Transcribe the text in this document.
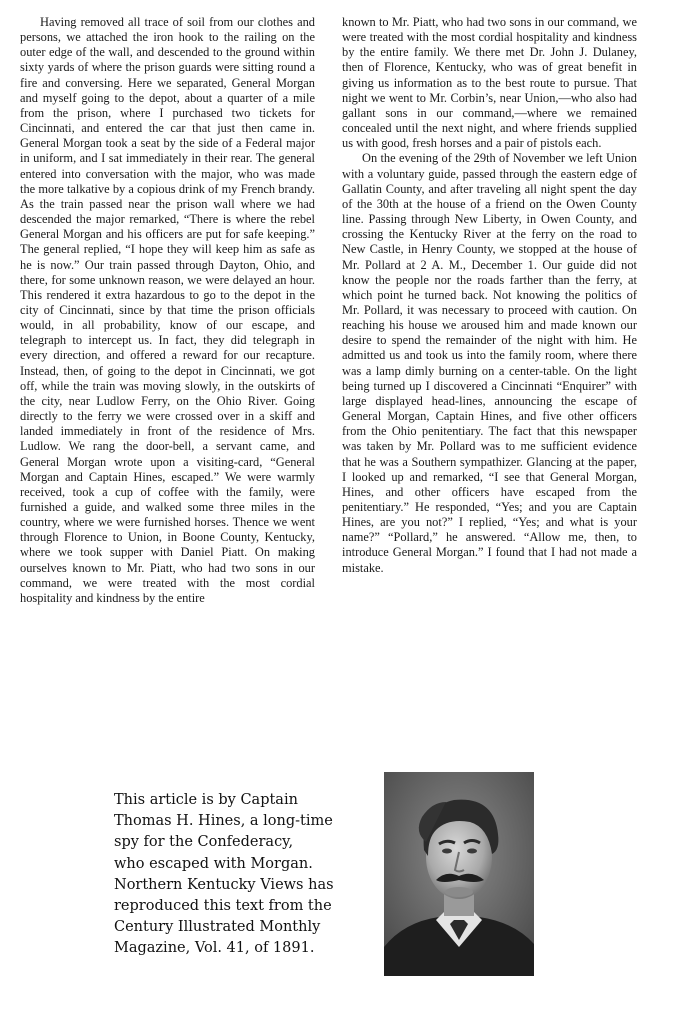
Having removed all trace of soil from our clothes and persons, we attached the iron hook to the railing on the outer edge of the wall, and descended to the ground within sixty yards of where the prison guards were sitting round a fire and conversing. Here we separated, General Morgan and myself going to the depot, about a quarter of a mile from the prison, where I purchased two tickets for Cincinnati, and entered the car that just then came in. General Morgan took a seat by the side of a Federal major in uniform, and I sat immediately in their rear. The general entered into conversation with the major, who was made the more talkative by a copious drink of my French brandy. As the train passed near the prison wall where we had descended the major remarked, “There is where the rebel General Morgan and his officers are put for safe keeping.” The general replied, “I hope they will keep him as safe as he is now.” Our train passed through Dayton, Ohio, and there, for some unknown reason, we were delayed an hour. This rendered it extra hazardous to go to the depot in the city of Cincinnati, since by that time the prison officials would, in all probability, know of our escape, and telegraph to intercept us. In fact, they did telegraph in every direction, and offered a reward for our recapture. Instead, then, of going to the depot in Cincinnati, we got off, while the train was moving slowly, in the outskirts of the city, near Ludlow Ferry, on the Ohio River. Going directly to the ferry we were crossed over in a skiff and landed immediately in front of the residence of Mrs. Ludlow. We rang the door-bell, a servant came, and General Morgan wrote upon a visiting-card, “General Morgan and Captain Hines, escaped.” We were warmly received, took a cup of coffee with the family, were furnished a guide, and walked some three miles in the country, where we were furnished horses. Thence we went through Florence to Union, in Boone County, Kentucky, where we took supper with Daniel Piatt. On making ourselves known to Mr. Piatt, who had two sons in our command, we were treated with the most cordial hospitality and kindness by the entire

known to Mr. Piatt, who had two sons in our command, we were treated with the most cordial hospitality and kindness by the entire family. We there met Dr. John J. Dulaney, then of Florence, Kentucky, who was of great benefit in giving us information as to the best route to pursue. That night we went to Mr. Corbin’s, near Union,—who also had gallant sons in our command,—where we remained concealed until the next night, and where friends supplied us with good, fresh horses and a pair of pistols each.

On the evening of the 29th of November we left Union with a voluntary guide, passed through the eastern edge of Gallatin County, and after traveling all night spent the day of the 30th at the house of a friend on the Owen County line. Passing through New Liberty, in Owen County, and crossing the Kentucky River at the ferry on the road to New Castle, in Henry County, we stopped at the house of Mr. Pollard at 2 A. M., December 1. Our guide did not know the people nor the roads farther than the ferry, at which point he turned back. Not knowing the politics of Mr. Pollard, it was necessary to proceed with caution. On reaching his house we aroused him and made known our desire to spend the remainder of the night with him. He admitted us and took us into the family room, where there was a lamp dimly burning on a center-table. On the light being turned up I discovered a Cincinnati “Enquirer” with large displayed head-lines, announcing the escape of General Morgan, Captain Hines, and five other officers from the Ohio penitentiary. The fact that this newspaper was taken by Mr. Pollard was to me sufficient evidence that he was a Southern sympathizer. Glancing at the paper, I looked up and remarked, “I see that General Morgan, Hines, and other officers have escaped from the penitentiary.” He responded, “Yes; and you are Captain Hines, are you not?” I replied, “Yes; and what is your name?” “Pollard,” he answered. “Allow me, then, to introduce General Morgan.” I found that I had not made a mistake.

This article is by Captain
Thomas H. Hines, a long-time
spy for the Confederacy,
who escaped with Morgan.
Northern Kentucky Views has
reproduced this text from the
Century Illustrated Monthly
Magazine, Vol. 41, of 1891.
